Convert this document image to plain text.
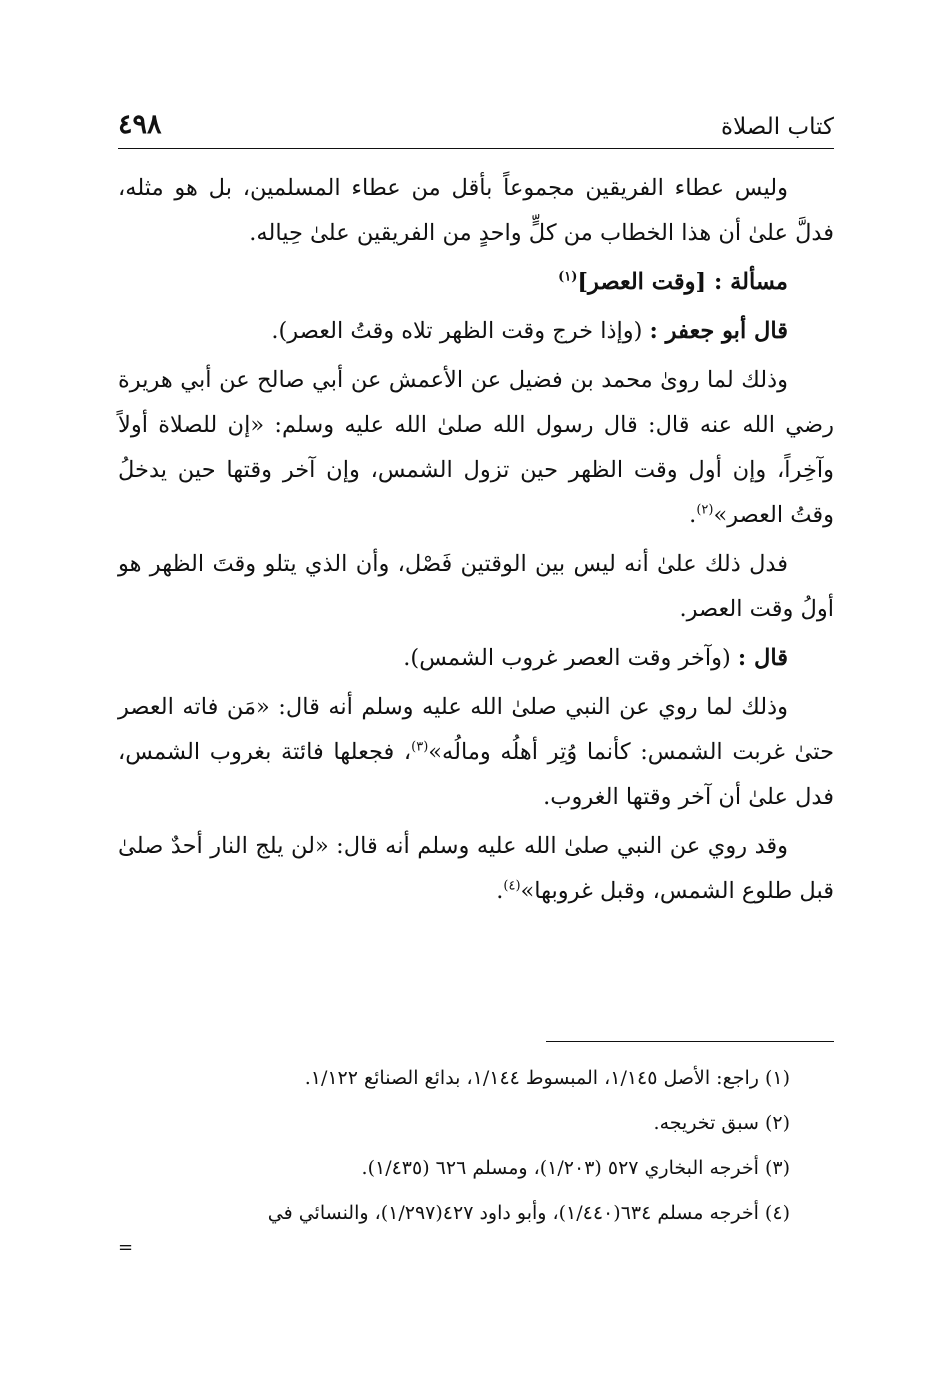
كتاب الصلاة
٤٩٨

وليس عطاء الفريقين مجموعاً بأقل من عطاء المسلمين، بل هو مثله، فدلَّ علىٰ أن هذا الخطاب من كلٍّ واحدٍ من الفريقين علىٰ حِياله.

مسألة : [وقت العصر]$^{(١)}$

قال أبو جعفر : (وإذا خرج وقت الظهر تلاه وقتُ العصر).

وذلك لما روىٰ محمد بن فضيل عن الأعمش عن أبي صالح عن أبي هريرة رضي الله عنه قال: قال رسول الله صلىٰ الله عليه وسلم: «إن للصلاة أولاً وآخِراً، وإن أول وقت الظهر حين تزول الشمس، وإن آخر وقتها حين يدخلُ وقتُ العصر»$^{(٢)}$.

فدل ذلك علىٰ أنه ليس بين الوقتين فَصْل، وأن الذي يتلو وقتَ الظهر هو أولُ وقت العصر.

قال : (وآخر وقت العصر غروب الشمس).

وذلك لما روي عن النبي صلىٰ الله عليه وسلم أنه قال: «مَن فاته العصر حتىٰ غربت الشمس: كأنما وُتِر أهلُه ومالُه»$^{(٣)}$، فجعلها فائتة بغروب الشمس، فدل علىٰ أن آخر وقتها الغروب.

وقد روي عن النبي صلىٰ الله عليه وسلم أنه قال: «لن يلج النار أحدٌ صلىٰ قبل طلوع الشمس، وقبل غروبها»$^{(٤)}$.

(١) راجع: الأصل ١/١٤٥، المبسوط ١/١٤٤، بدائع الصنائع ١/١٢٢.
(٢) سبق تخريجه.
(٣) أخرجه البخاري ٥٢٧ (١/٢٠٣)، ومسلم ٦٢٦ (١/٤٣٥).
(٤) أخرجه مسلم ٦٣٤(١/٤٤٠)، وأبو داود ٤٢٧(١/٢٩٧)، والنسائي في
=
